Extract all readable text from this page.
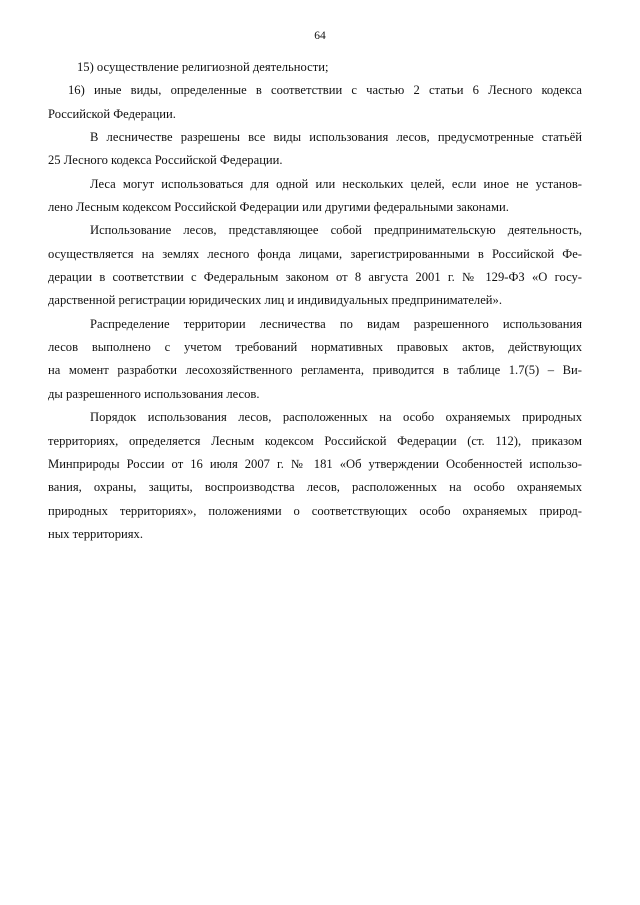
64
15) осуществление религиозной деятельности;
16) иные виды, определенные в соответствии с частью 2 статьи 6 Лесного кодекса
Российской Федерации.
В лесничестве разрешены все виды использования лесов, предусмотренные статьёй
25 Лесного кодекса Российской Федерации.
Леса могут использоваться для одной или нескольких целей, если иное не установ-
лено Лесным кодексом Российской Федерации или другими федеральными законами.
Использование лесов, представляющее собой предпринимательскую деятельность,
осуществляется на землях лесного фонда лицами, зарегистрированными в Российской Фе-
дерации в соответствии с Федеральным законом от 8 августа 2001 г. № 129-ФЗ «О госу-
дарственной регистрации юридических лиц и индивидуальных предпринимателей».
Распределение территории лесничества по видам разрешенного использования
лесов выполнено с учетом требований нормативных правовых актов, действующих
на момент разработки лесохозяйственного регламента, приводится в таблице 1.7(5) – Ви-
ды разрешенного использования лесов.
Порядок использования лесов, расположенных на особо охраняемых природных
территориях, определяется Лесным кодексом Российской Федерации (ст. 112), приказом
Минприроды России от 16 июля 2007 г. № 181 «Об утверждении Особенностей использо-
вания, охраны, защиты, воспроизводства лесов, расположенных на особо охраняемых
природных территориях», положениями о соответствующих особо охраняемых природ-
ных территориях.
